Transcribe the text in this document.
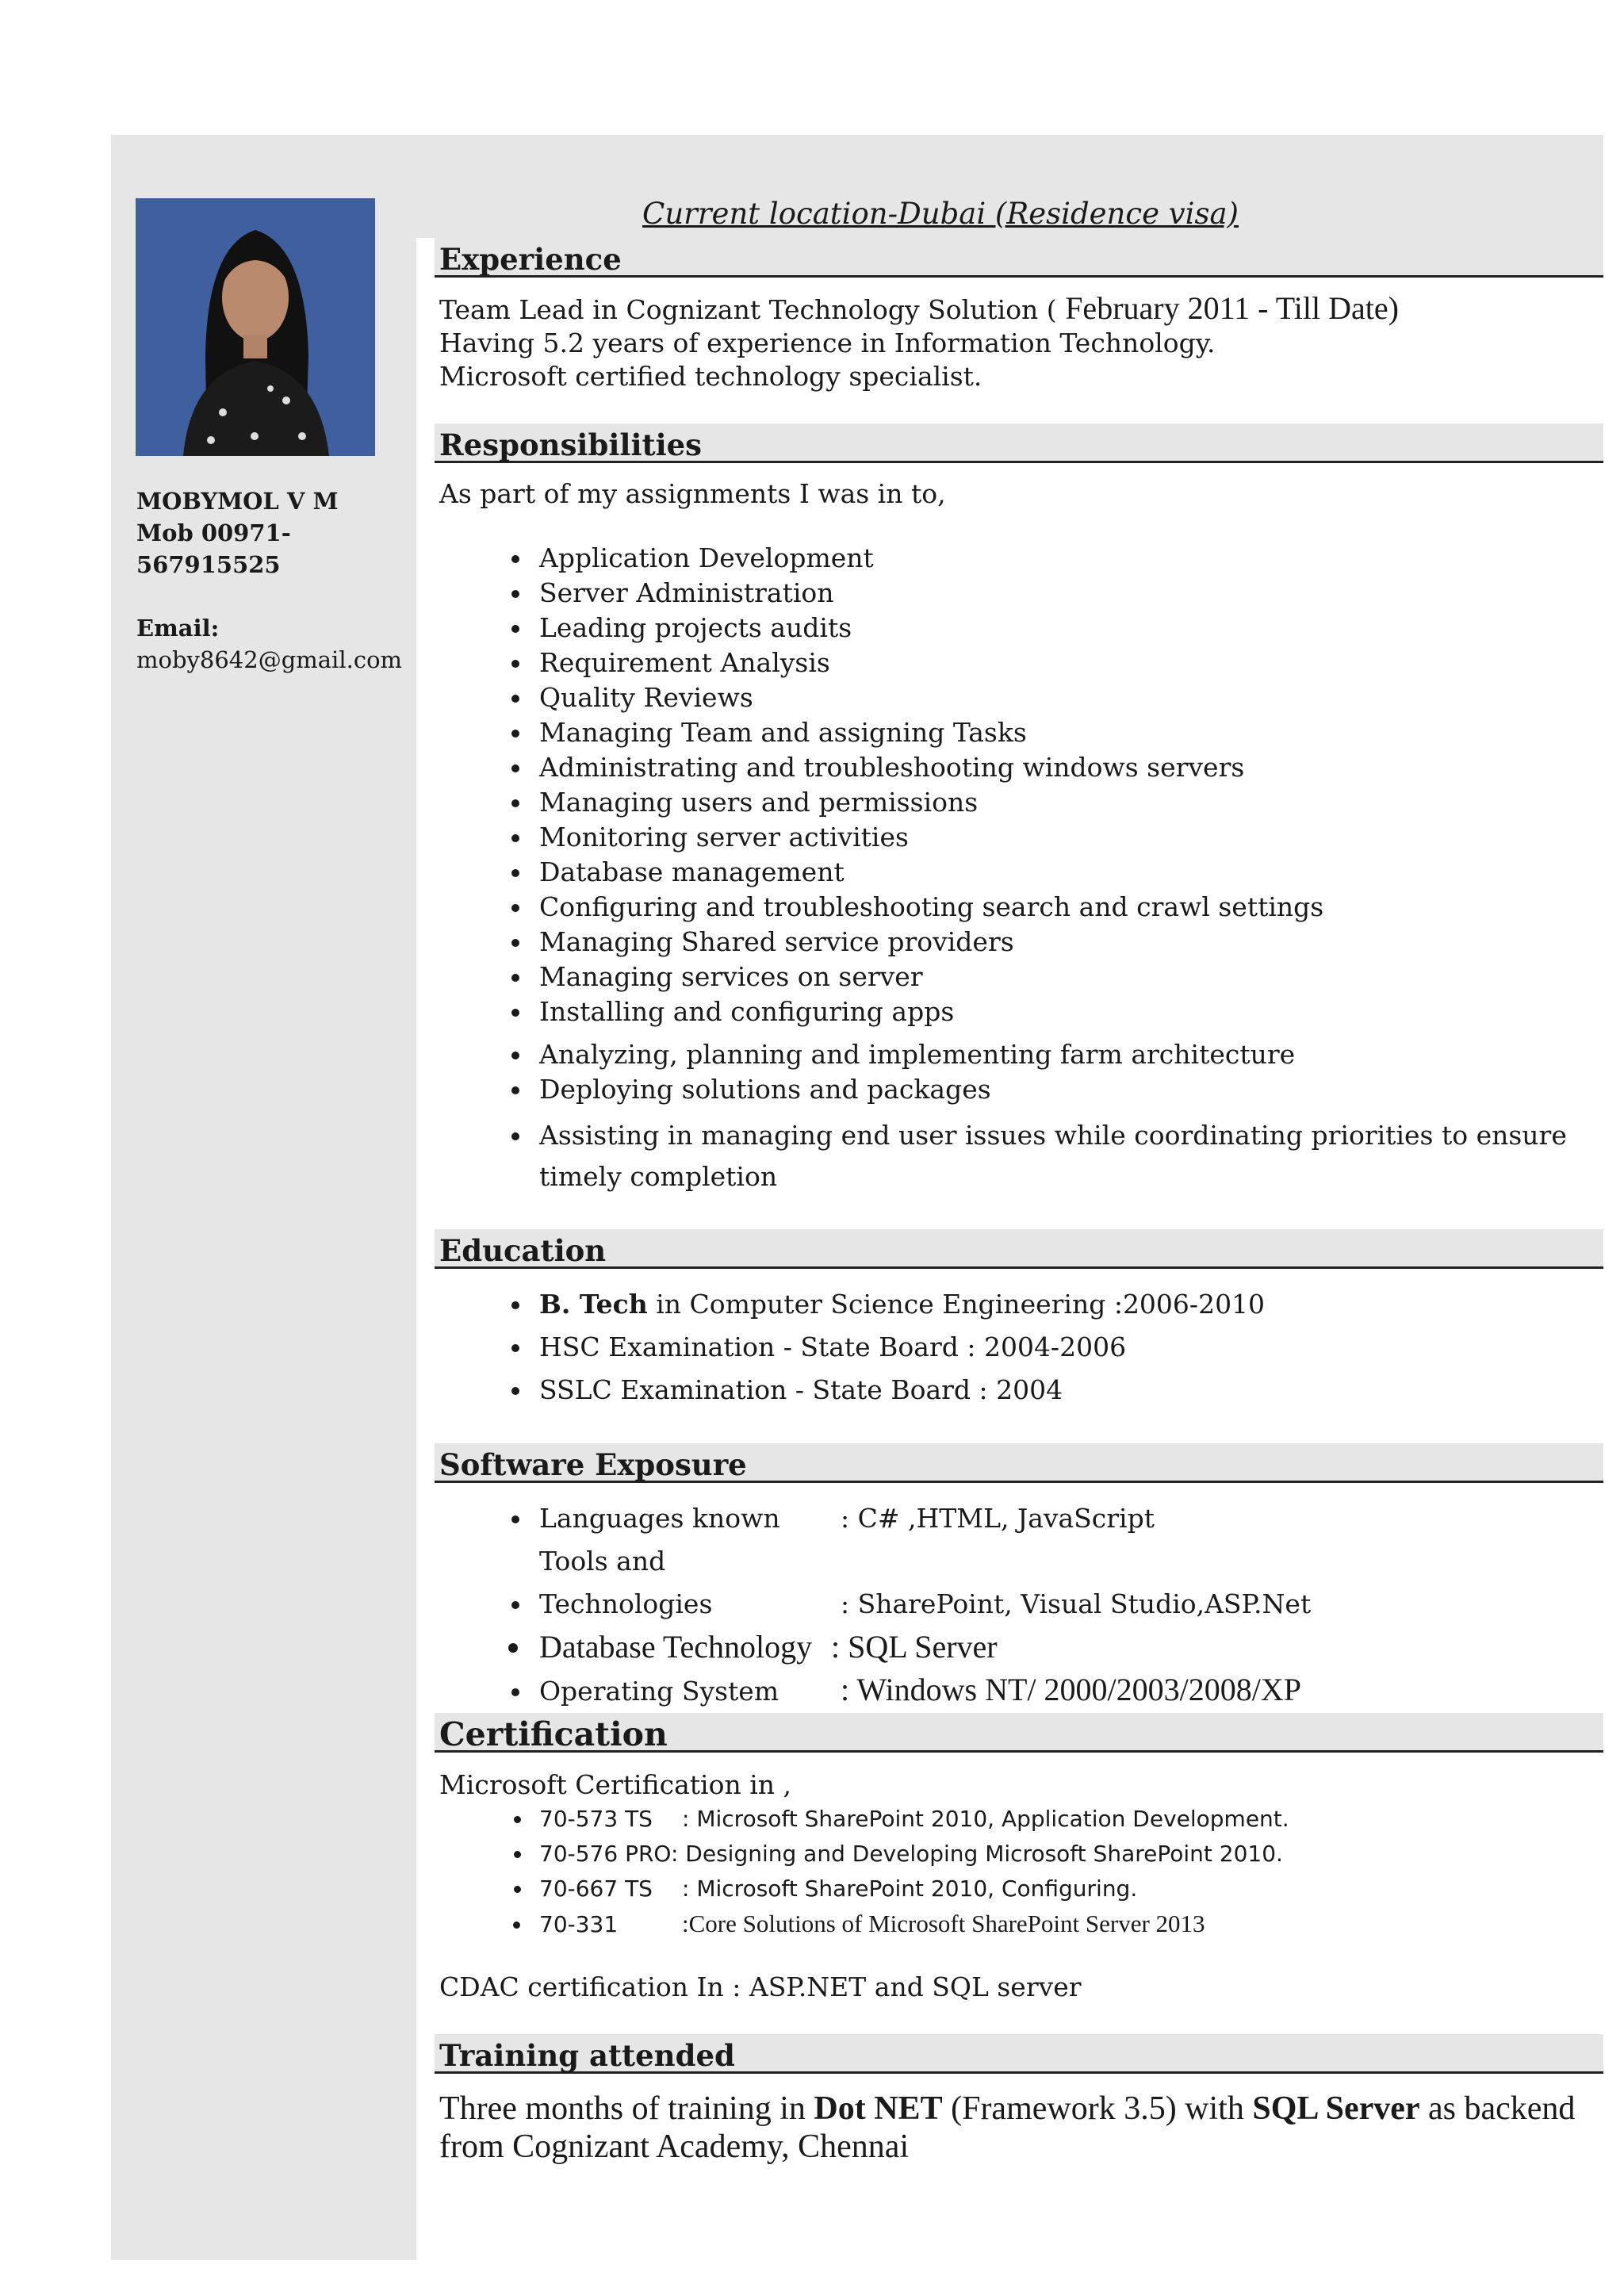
MOBYMOL V M
Mob 00971-
567915525
Email:
moby8642@gmail.com
Current location-Dubai (Residence visa)
Experience
Team Lead in Cognizant Technology Solution ( February 2011 - Till Date)
Having 5.2 years of experience in Information Technology.
Microsoft certified technology specialist.
Responsibilities
As part of my assignments I was in to,
• Application Development
• Server Administration
• Leading projects audits
• Requirement Analysis
• Quality Reviews
• Managing Team and assigning Tasks
• Administrating and troubleshooting windows servers
• Managing users and permissions
• Monitoring server activities
• Database management
• Configuring and troubleshooting search and crawl settings
• Managing Shared service providers
• Managing services on server
• Installing and configuring apps
• Analyzing, planning and implementing farm architecture
• Deploying solutions and packages
• Assisting in managing end user issues while coordinating priorities to ensure timely completion
Education
• B. Tech in Computer Science Engineering :2006-2010
• HSC Examination - State Board : 2004-2006
• SSLC Examination - State Board : 2004
Software Exposure
• Languages known : C# ,HTML, JavaScript
• Tools and Technologies	: SharePoint, Visual Studio,ASP.Net
• Database Technology : SQL Server
• Operating System : Windows NT/ 2000/2003/2008/XP
Certification
Microsoft Certification in ,
• 70-573 TS : Microsoft SharePoint 2010, Application Development.
• 70-576 PRO: Designing and Developing Microsoft SharePoint 2010.
• 70-667 TS : Microsoft SharePoint 2010, Configuring.
• 70-331	:Core Solutions of Microsoft SharePoint Server 2013
CDAC certification In : ASP.NET and SQL server
Training attended
Three months of training in Dot NET (Framework 3.5) with SQL Server as backend
from Cognizant Academy, Chennai
